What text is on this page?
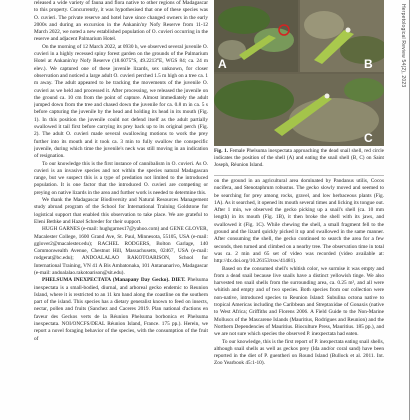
released a wide variety of fauna and flora native to other regions of Madagascar to this property. Concurrently, it was hypothesised that one of these species was O. cuvieri. The private reserve and hotel have since changed owners in the early 2000s and during an excursion in the Ankanin'ny Nofy Reserve from 11-12 March 2022, we noted a new established population of O. cuvieri occurring in the reserve and adjacent Palmarium Hotel.

On the morning of 12 March 2022, at 0930 h, we observed several juvenile O. cuvieri in a highly recessed spiny forest garden on the grounds of the Palmarium Hotel at Ankanin'ny Nofy Reserve (18.6075°S, 49.2213°E, WGS 84; ca. 24 m elev.). We captured one of these juvenile lizards, sex unknown, for closer observation and noticed a large adult O. cuvieri perched 1.5 m high on a tree ca. 1 m away. The adult appeared to be tracking the movements of the juvenile O. cuvieri as we held and processed it. After processing, we released the juvenile on the ground ca. 10 cm from the point of capture. Almost immediately the adult jumped down from the tree and chased down the juvenile for ca. 0.8 m in ca. 5 s before capturing the juvenile by the head and holding its head in its mouth (Fig. 1). In this position the juvenile could not defend itself as the adult partially swallowed it tail first before carrying its prey back up to its original perch (Fig. 2). The adult O. cuvieri made several swallowing motions to work the prey further into its mouth and it took ca. 3 min to fully swallow the conspecific juvenile, during which time the juvenile's neck was still moving in an indication of resignation.

To our knowledge this is the first instance of cannibalism in O. cuvieri. As O. cuvieri is an invasive species and not within the species natural Madagascan range, but we suspect this is a type of predation not limited to the introduced population. It is one factor that the introduced O. cuvieri are competing or preying on native lizards in the area and further work is needed to determine this.

We thank the Madagascar Biodiversity and Natural Resources Management study abroad program of the School for International Training Goldstone for logistical support that enabled this observation to take place. We are grateful to Eleni Bethke and Hazel Schreder for their support.

HUGH GARNES (e-mail: hughgarnes17@yahoo.com) and GENE GLOVER, Macalester College, 1600 Grand Ave, St. Paul, Minnesota, 55105, USA (e-mail: gglover2@macalester.edu); RACHEL RODGERS, Bolton Garlage, 140 Commonwealth Avenue, Chestnut Hill, Massachusetts, 02467, USA (e-mail: rodgerat@bc.edu); ANDOALALAO RAKOTOARISON, School for International Training, VN 41 A Bis Ambatonaka, 101 Antananarivo, Madagascar (e-mail: andoalalao.rakotoarison@sit.edu).

PHELSUMA INEXPECTATA (Manapany Day Gecko). DIET. Phelsuma inexpectata is a small-bodied, diurnal, and arboreal gecko endemic to Reunion Island, where it is restricted to an 11 km band along the coastline on the southern part of the island. This species has a dietary generalist known to feed on insects, nectar, pollen and fruits (Sanchez and Caceres 2019. Plan national d'actions en faveur des Geckos verts de la Réunion Phelsuma borbonica et Phelsuma inexpectata. NOI/ONCFS/DEAL Réunion Island, France. 175 pp.). Herein, we report a novel foraging behavior of the species, with the consumption of the fruit of

A	B
C

Fig. 1. Female Phelsuma inexpectata approaching the dead snail shell, red circle indicates the position of the shell (A) and eating the snail shell (B, C) on Saint Joseph, Réunion Island.

on the ground in an agricultural area dominated by Pandanus utilis, Cocos nucifera, and Stenotaphrum robustus. The gecko slowly moved and seemed to be searching for prey among rocks, gravel, and low herbaceous plants (Fig. 1A). As it searched, it opened its mouth several times and licking its tongue out. After 1 min, we observed the gecko picking up a snail's shell (ca. 10 mm length) in its mouth (Fig. 1B), it then broke the shell with its jaws, and swallowed it (Fig. 1C). While chewing the shell, a small fragment fell to the ground and the lizard quickly picked it up and swallowed in the same manner. After consuming the shell, the gecko continued to search the area for a few seconds, then turned and climbed on a nearby tree. The observation time in total was ca. 2 min and 65 set of video was recorded (video available at: http://dx.doi.org/10.26153/tsw/41481).

Based on the consumed shell's whitish color, we surmise it was empty and from a dead snail because live snails have a distinct yellowish tinge. We also harvested ten snail shells from the surrounding area, ca. 0.25 m², and all were whitish and empty and of two species. Both species from our collection were non-native, introduced species to Reunion Island: Subulina octona native to tropical Americas including the Caribbean and Streptaxidae of Gonaxis (native to West Africa; Griffiths and Florens 2006. A Field Guide to the Non-Marine Molluscs of the Mascarene Islands (Mauritius, Rodrigues and Reunion) and the Northern Dependencies of Mauritius. Bioculture Press, Mauritius. 185 pp.), and we are not sure which species the observed P. inexpectata had eaten.

To our knowledge, this is the first report of P. inexpectata eating snail shells, although snail shells as well as geckos prey (Ida and/or coral sand) have been reported in the diet of P. guentheri on Round Island (Bullock et al. 2011. Int. Zoo Yearbook 45:1-10).

Herpetological Review 54(2), 2023
